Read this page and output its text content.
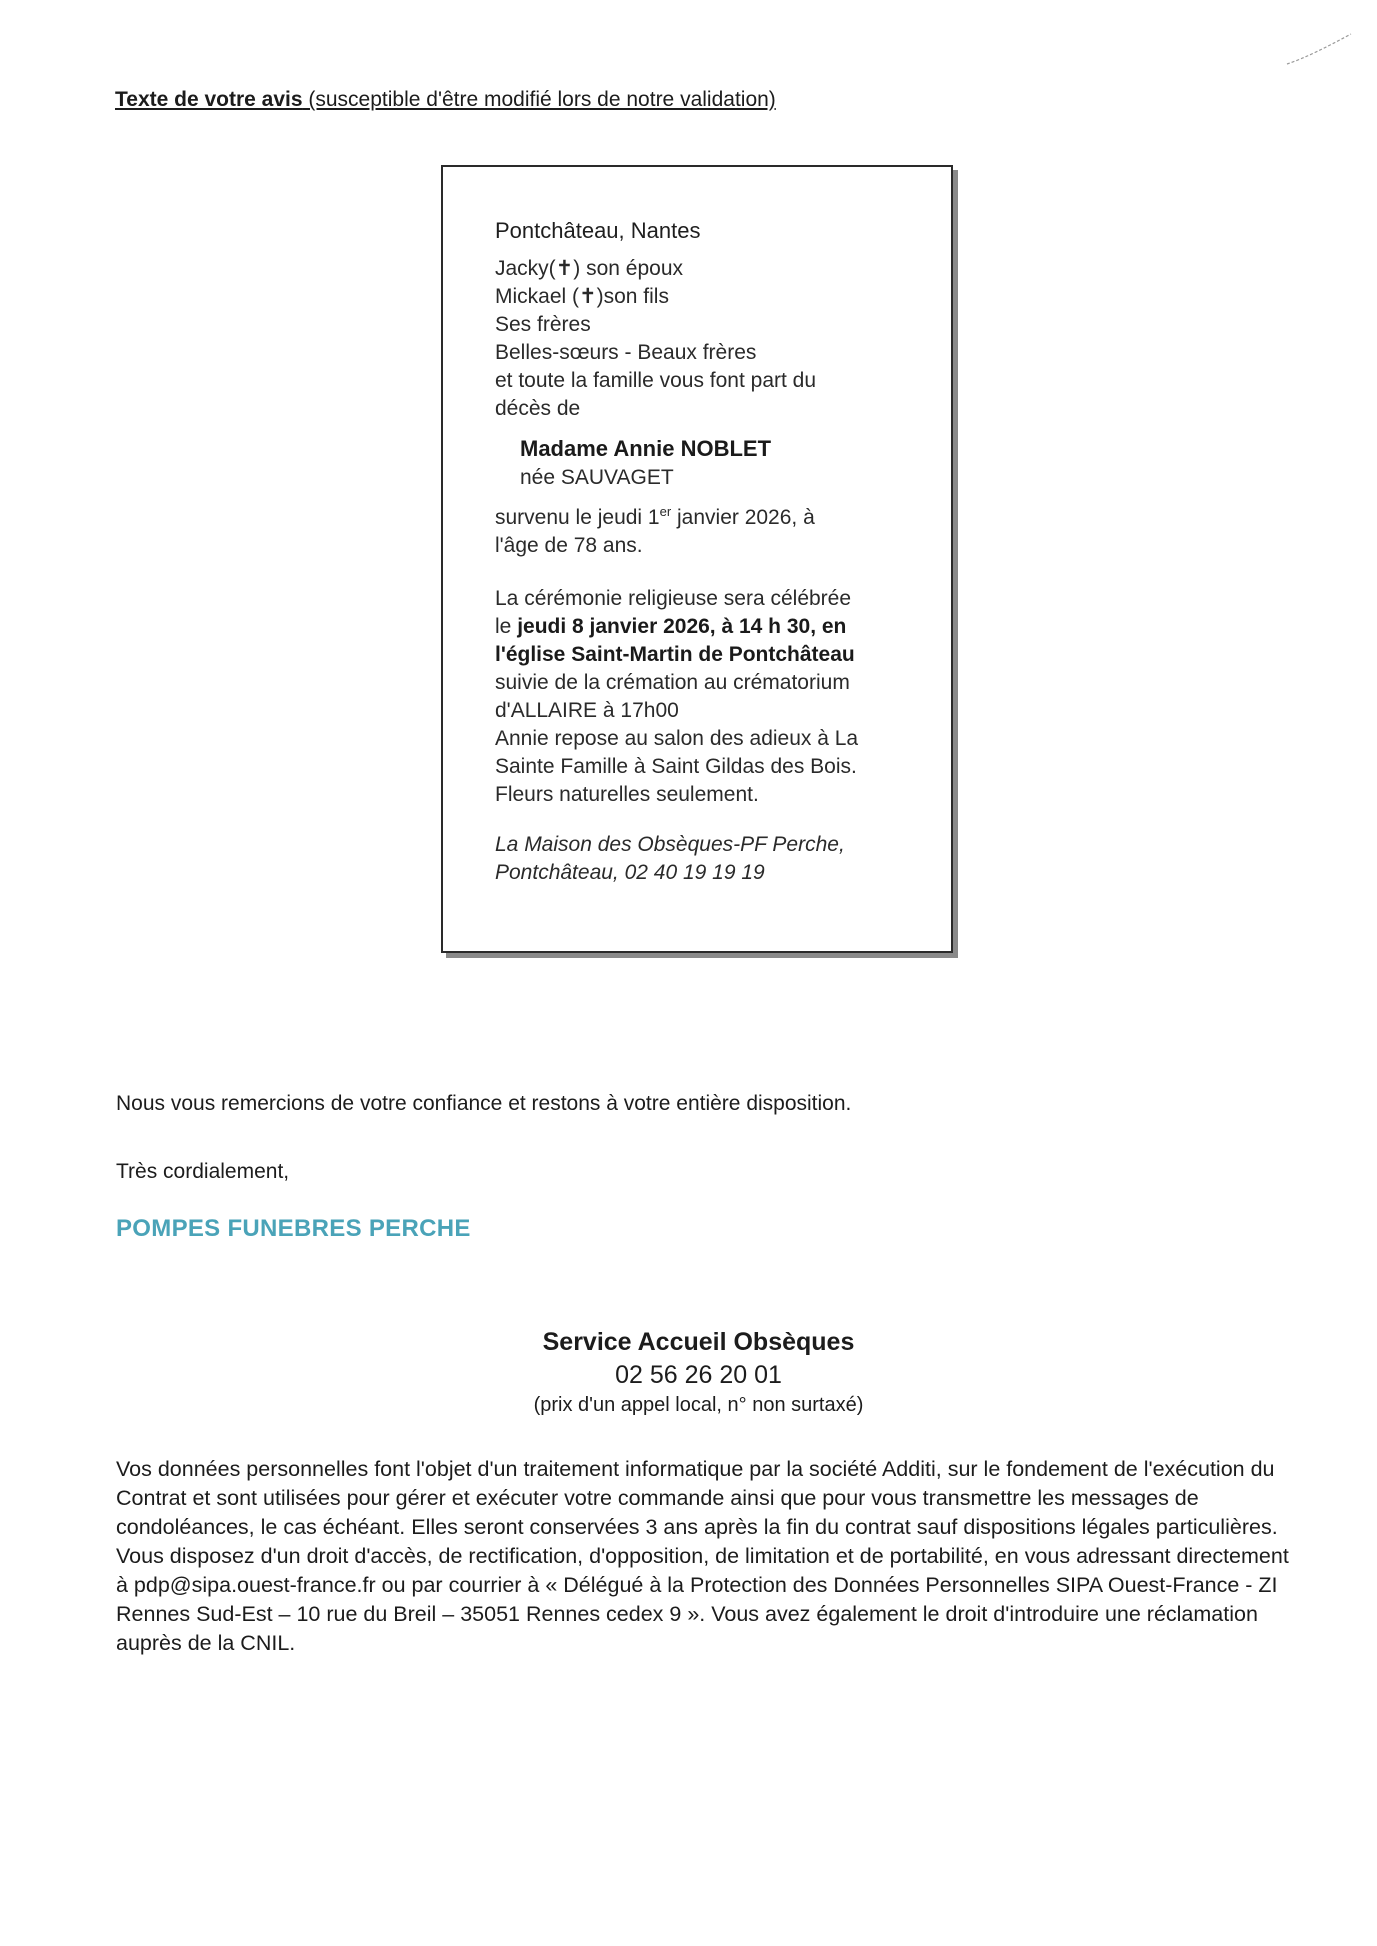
Texte de votre avis (susceptible d'être modifié lors de notre validation)

Pontchâteau, Nantes

Jacky(✝) son époux

Mickael (✝)son fils

Ses frères

Belles-sœurs - Beaux frères

et toute la famille vous font part du

décès de

Madame Annie NOBLET

née SAUVAGET

survenu le jeudi 1er janvier 2026, à

l'âge de 78 ans.

La cérémonie religieuse sera célébrée

le jeudi 8 janvier 2026, à 14 h 30, en

l'église Saint-Martin de Pontchâteau

suivie de la crémation au crématorium

d'ALLAIRE à 17h00

Annie repose au salon des adieux à La

Sainte Famille à Saint Gildas des Bois.

Fleurs naturelles seulement.

La Maison des Obsèques-PF Perche,

Pontchâteau, 02 40 19 19 19

Nous vous remercions de votre confiance et restons à votre entière disposition.
Très cordialement,
POMPES FUNEBRES PERCHE
Service Accueil Obsèques
02 56 26 20 01
(prix d'un appel local, n° non surtaxé)
Vos données personnelles font l'objet d'un traitement informatique par la société Additi, sur le fondement de l'exécution du Contrat et sont utilisées pour gérer et exécuter votre commande ainsi que pour vous transmettre les messages de condoléances, le cas échéant. Elles seront conservées 3 ans après la fin du contrat sauf dispositions légales particulières. Vous disposez d'un droit d'accès, de rectification, d'opposition, de limitation et de portabilité, en vous adressant directement à pdp@sipa.ouest-france.fr ou par courrier à « Délégué à la Protection des Données Personnelles SIPA Ouest-France - ZI Rennes Sud-Est – 10 rue du Breil – 35051 Rennes cedex 9 ». Vous avez également le droit d'introduire une réclamation auprès de la CNIL.
